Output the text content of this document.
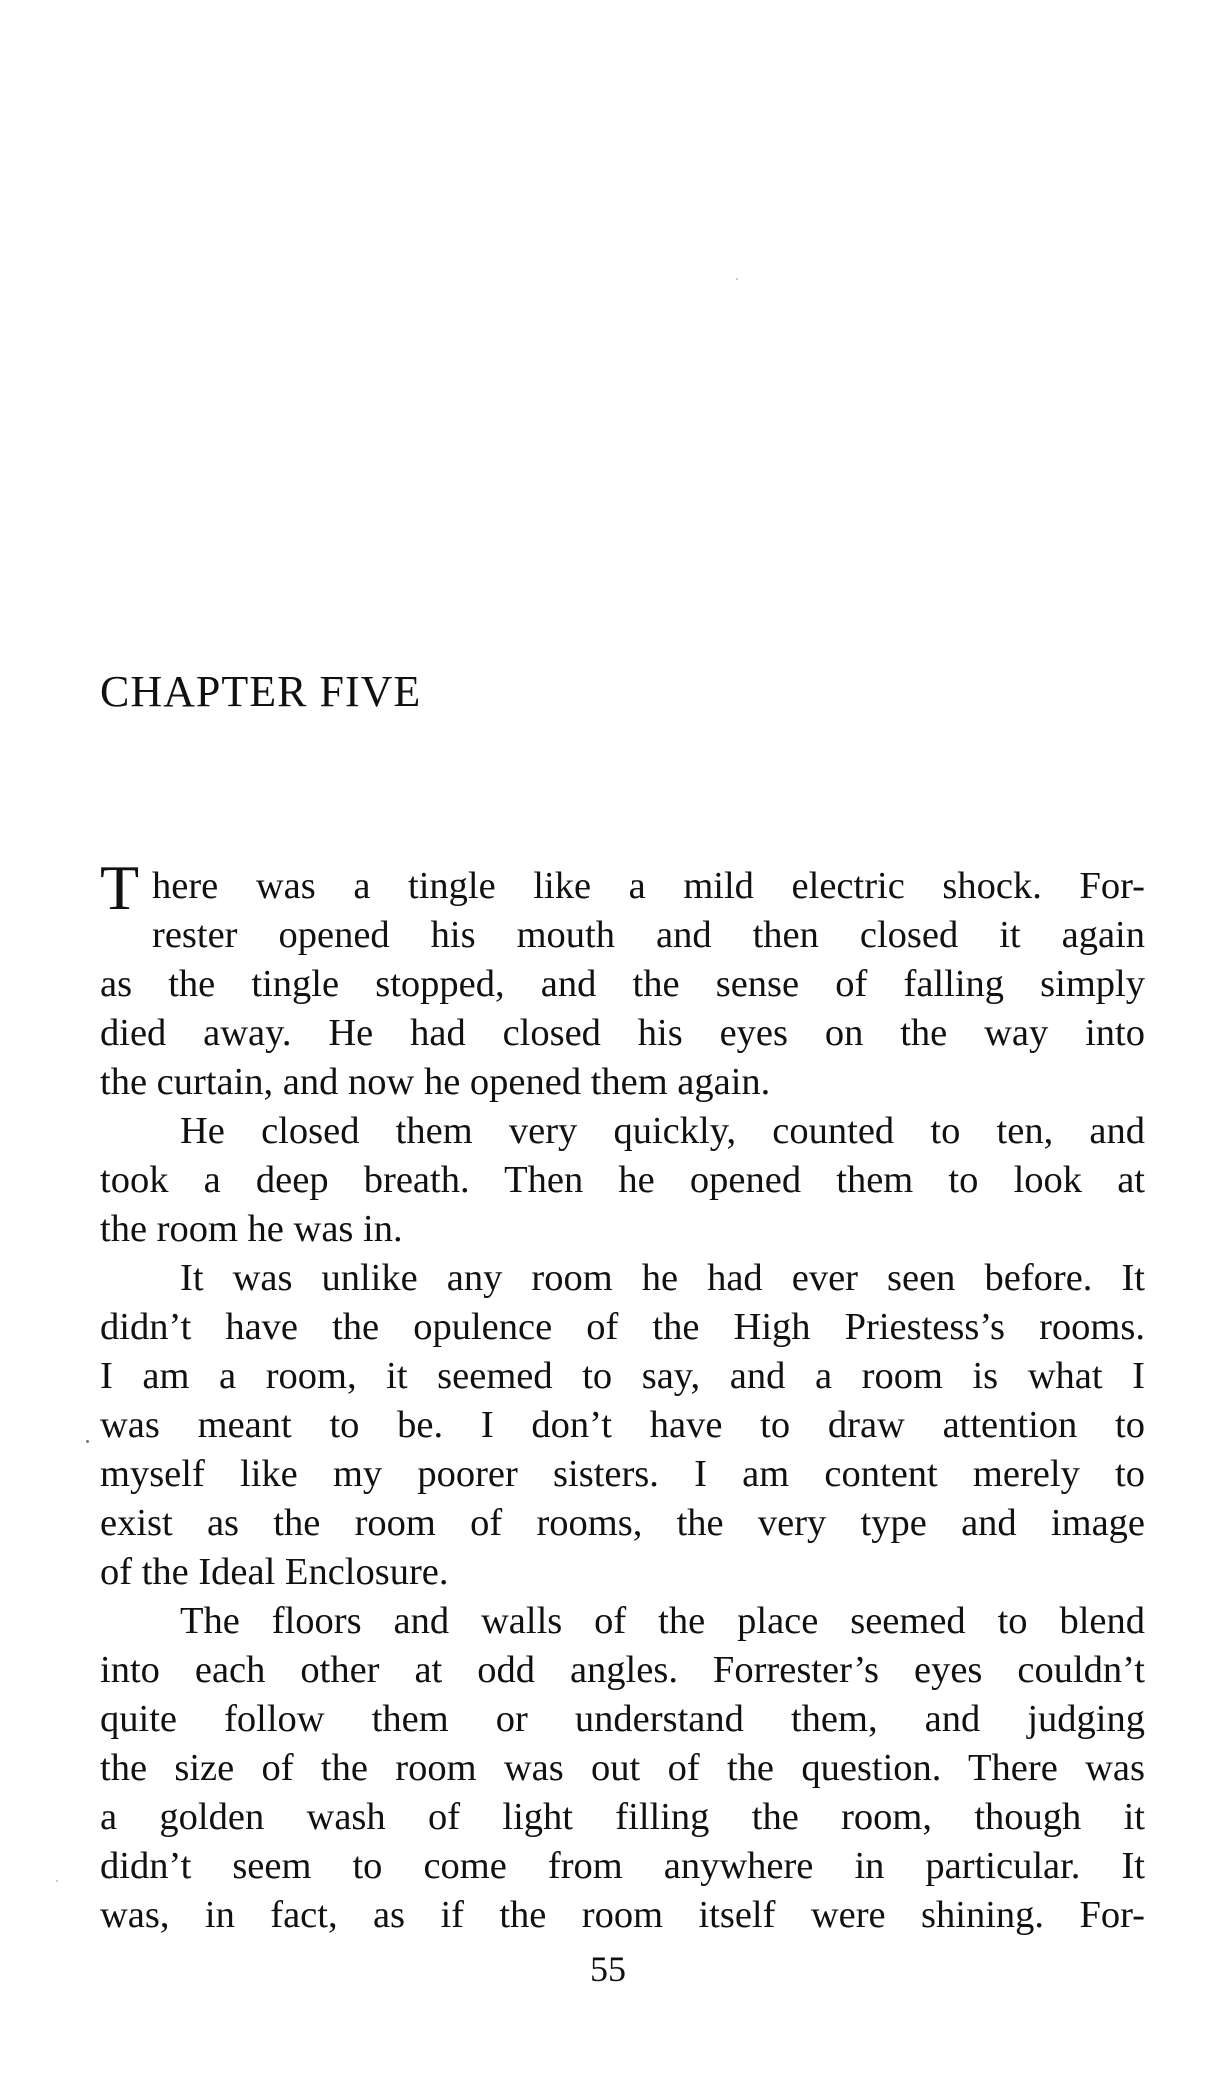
CHAPTER FIVE
T here was a tingle like a mild electric shock. For-
rester opened his mouth and then closed it again
as the tingle stopped, and the sense of falling simply
died away. He had closed his eyes on the way into
the curtain, and now he opened them again.
He closed them very quickly, counted to ten, and
took a deep breath. Then he opened them to look at
the room he was in.
It was unlike any room he had ever seen before. It
didn’t have the opulence of the High Priestess’s rooms.
I am a room, it seemed to say, and a room is what I
was meant to be. I don’t have to draw attention to
myself like my poorer sisters. I am content merely to
exist as the room of rooms, the very type and image
of the Ideal Enclosure.
The floors and walls of the place seemed to blend
into each other at odd angles. Forrester’s eyes couldn’t
quite follow them or understand them, and judging
the size of the room was out of the question. There was
a golden wash of light filling the room, though it
didn’t seem to come from anywhere in particular. It
was, in fact, as if the room itself were shining. For-
55
